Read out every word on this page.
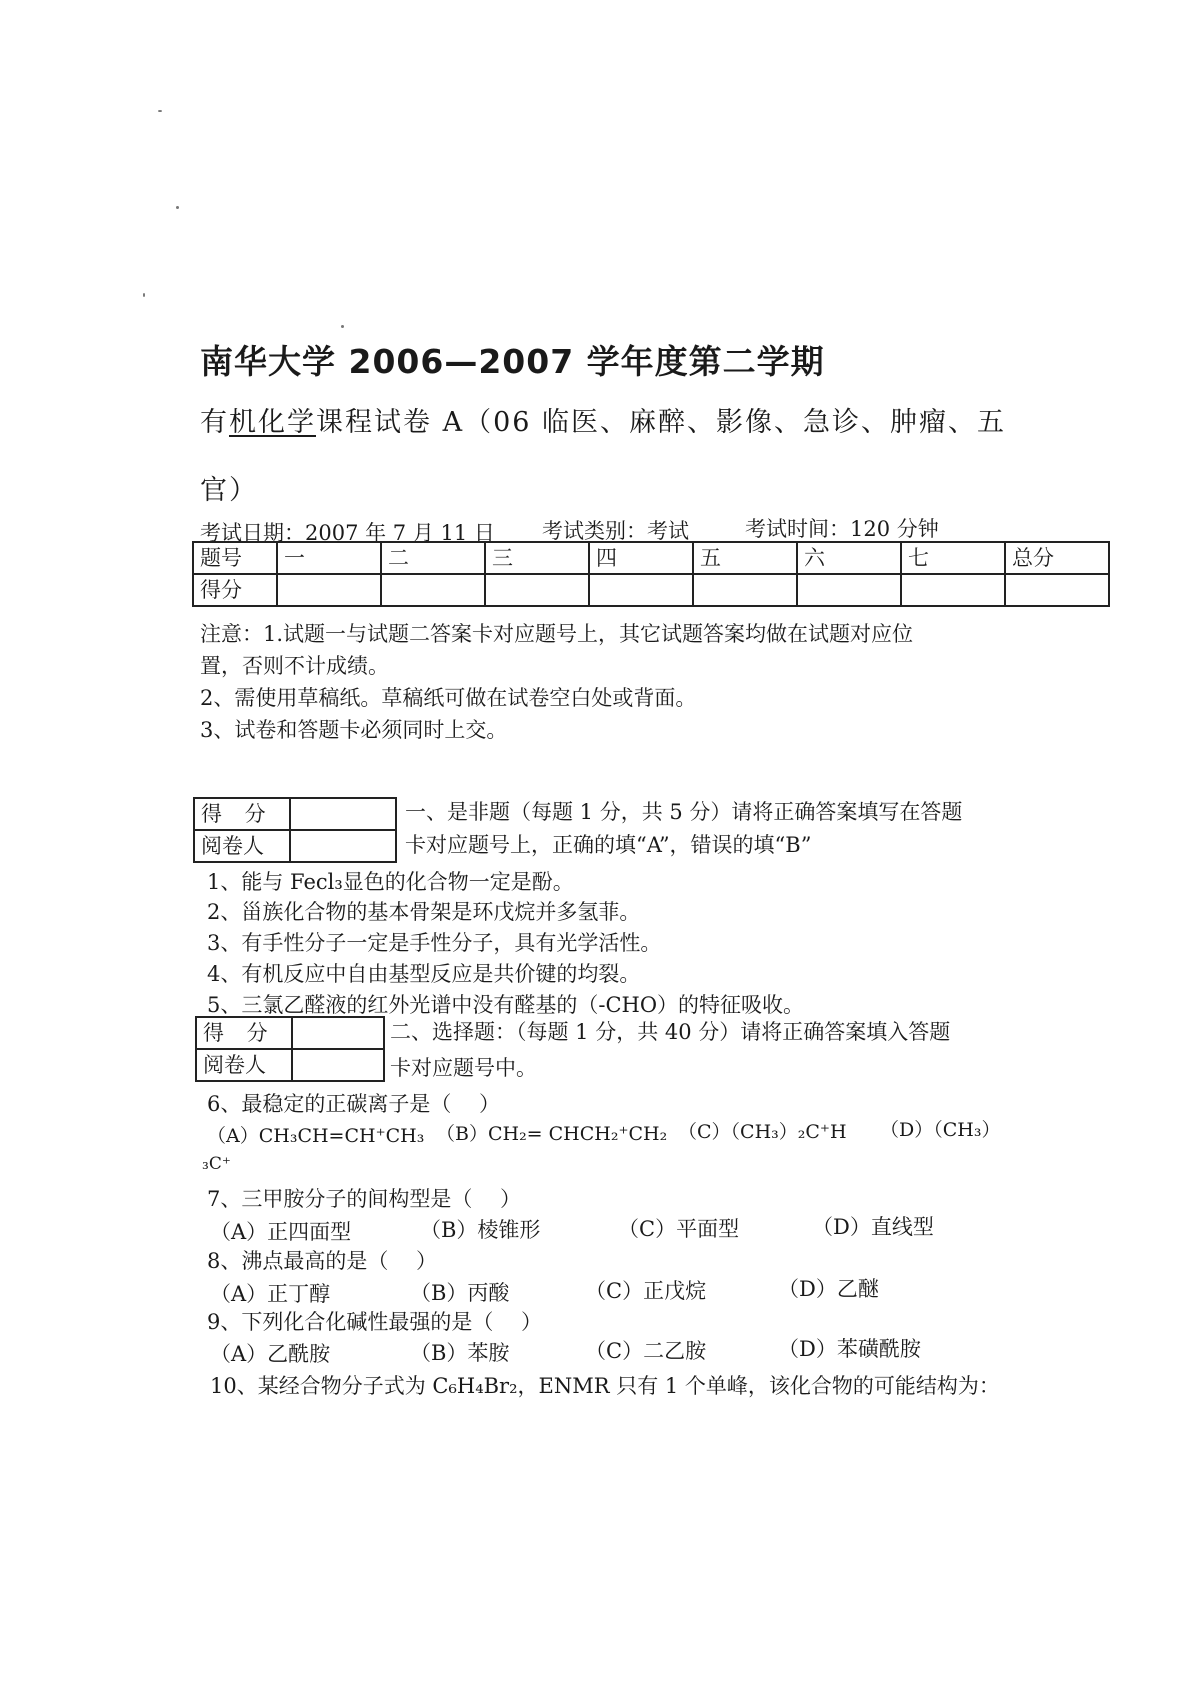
南华大学 2006—2007 学年度第二学期
有机化学课程试卷 A（06 临医、麻醉、影像、急诊、肿瘤、五
官）
考试日期：2007 年 7 月 11 日 考试类别：考试	考试时间：120 分钟
题号	一	二	三	四	五	六	七	总分
得分								
注意：1.试题一与试题二答案卡对应题号上，其它试题答案均做在试题对应位
置，否则不计成绩。
2、需使用草稿纸。草稿纸可做在试卷空白处或背面。
3、试卷和答题卡必须同时上交。
得 分	
阅卷人	
一、是非题（每题 1 分，共 5 分）请将正确答案填写在答题
卡对应题号上，正确的填“A”，错误的填“B”
1、能与 Fecl₃显色的化合物一定是酚。
2、甾族化合物的基本骨架是环戊烷并多氢菲。
3、有手性分子一定是手性分子，具有光学活性。
4、有机反应中自由基型反应是共价键的均裂。
5、三氯乙醛液的红外光谱中没有醛基的（-CHO）的特征吸收。
得 分	
阅卷人	
二、选择题：（每题 1 分，共 40 分）请将正确答案填入答题
卡对应题号中。
6、最稳定的正碳离子是（　 ）
（A）CH₃CH=CH⁺CH₃ （B）CH₂= CHCH₂⁺CH₂ （C）（CH₃）₂C⁺H （D）（CH₃）
₃C⁺
7、三甲胺分子的间构型是（　 ）
（A）正四面型	（B）棱锥形	（C）平面型	（D）直线型
8、沸点最高的是（　 ）
（A）正丁醇	（B）丙酸	（C）正戊烷	（D）乙醚
9、下列化合化碱性最强的是（　 ）
（A）乙酰胺	（B）苯胺	（C）二乙胺	（D）苯磺酰胺
10、某经合物分子式为 C₆H₄Br₂，ENMR 只有 1 个单峰，该化合物的可能结构为：
